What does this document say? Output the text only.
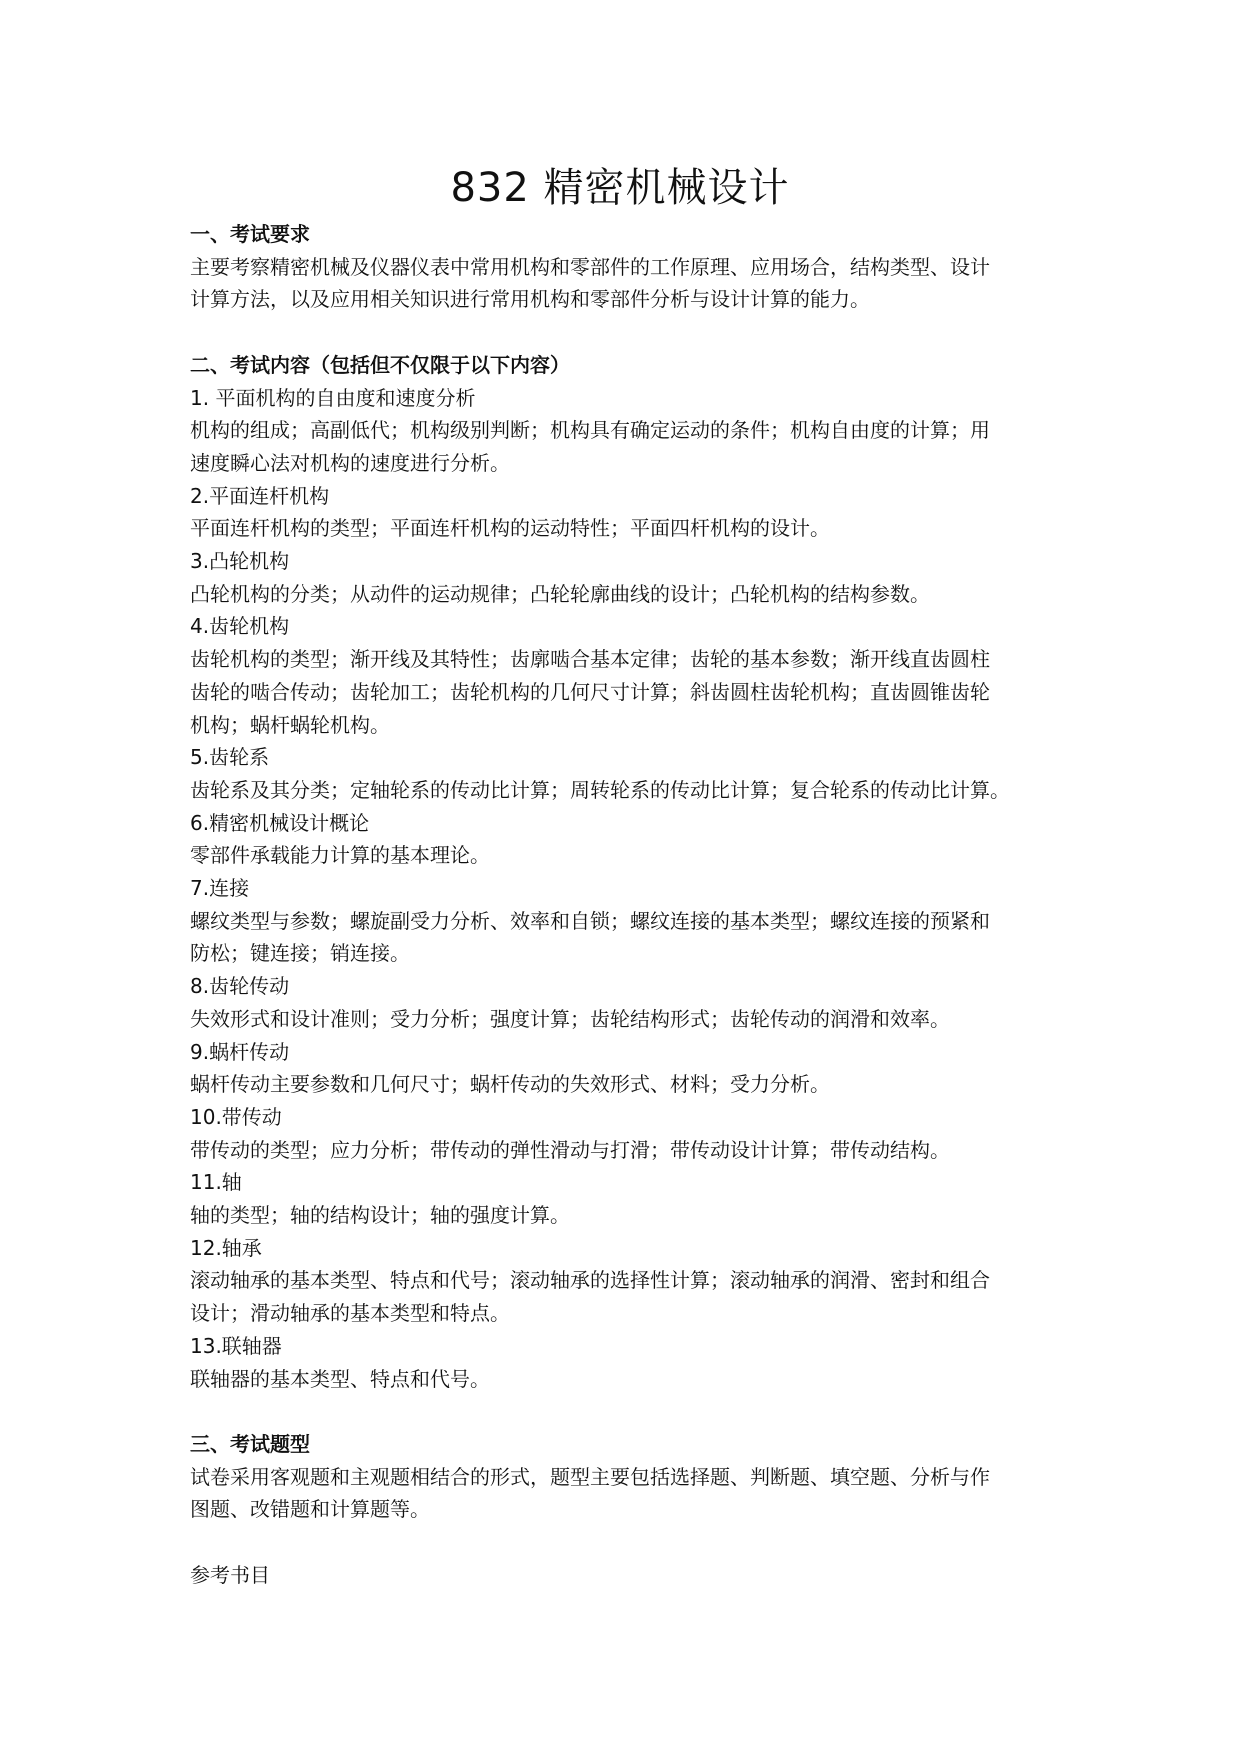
832 精密机械设计
一、考试要求
主要考察精密机械及仪器仪表中常用机构和零部件的工作原理、应用场合，结构类型、设计
计算方法，以及应用相关知识进行常用机构和零部件分析与设计计算的能力。
二、考试内容（包括但不仅限于以下内容）
1. 平面机构的自由度和速度分析
机构的组成；高副低代；机构级别判断；机构具有确定运动的条件；机构自由度的计算；用
速度瞬心法对机构的速度进行分析。
2.平面连杆机构
平面连杆机构的类型；平面连杆机构的运动特性；平面四杆机构的设计。
3.凸轮机构
凸轮机构的分类；从动件的运动规律；凸轮轮廓曲线的设计；凸轮机构的结构参数。
4.齿轮机构
齿轮机构的类型；渐开线及其特性；齿廓啮合基本定律；齿轮的基本参数；渐开线直齿圆柱
齿轮的啮合传动；齿轮加工；齿轮机构的几何尺寸计算；斜齿圆柱齿轮机构；直齿圆锥齿轮
机构；蜗杆蜗轮机构。
5.齿轮系
齿轮系及其分类；定轴轮系的传动比计算；周转轮系的传动比计算；复合轮系的传动比计算。
6.精密机械设计概论
零部件承载能力计算的基本理论。
7.连接
螺纹类型与参数；螺旋副受力分析、效率和自锁；螺纹连接的基本类型；螺纹连接的预紧和
防松；键连接；销连接。
8.齿轮传动
失效形式和设计准则；受力分析；强度计算；齿轮结构形式；齿轮传动的润滑和效率。
9.蜗杆传动
蜗杆传动主要参数和几何尺寸；蜗杆传动的失效形式、材料；受力分析。
10.带传动
带传动的类型；应力分析；带传动的弹性滑动与打滑；带传动设计计算；带传动结构。
11.轴
轴的类型；轴的结构设计；轴的强度计算。
12.轴承
滚动轴承的基本类型、特点和代号；滚动轴承的选择性计算；滚动轴承的润滑、密封和组合
设计；滑动轴承的基本类型和特点。
13.联轴器
联轴器的基本类型、特点和代号。
三、考试题型
试卷采用客观题和主观题相结合的形式，题型主要包括选择题、判断题、填空题、分析与作
图题、改错题和计算题等。
参考书目
